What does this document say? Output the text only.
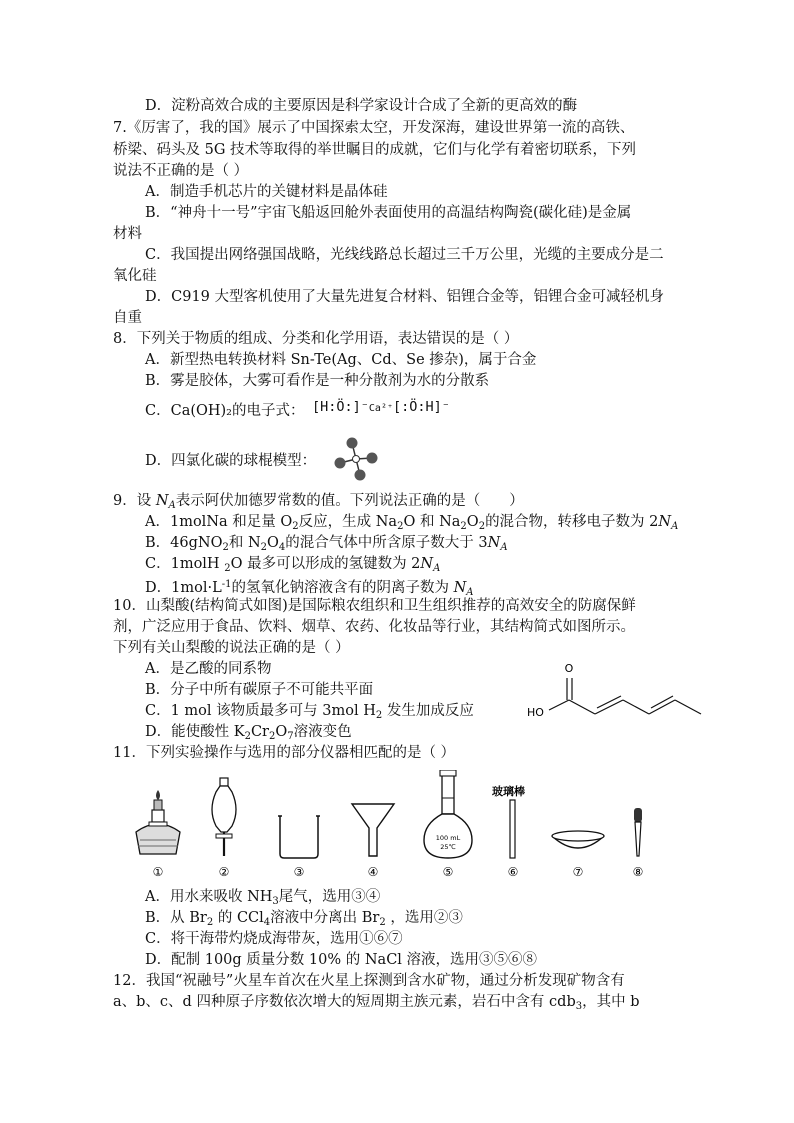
D．淀粉高效合成的主要原因是科学家设计合成了全新的更高效的酶
7.《厉害了，我的国》展示了中国探索太空，开发深海，建设世界第一流的高铁、
桥梁、码头及 5G 技术等取得的举世瞩目的成就，它们与化学有着密切联系，下列
说法不正确的是（ ）
A．制造手机芯片的关键材料是晶体硅
B．“神舟十一号”宇宙飞船返回舱外表面使用的高温结构陶瓷(碳化硅)是金属
材料
C．我国提出网络强国战略，光线线路总长超过三千万公里，光缆的主要成分是二
氧化硅
D．C919 大型客机使用了大量先进复合材料、铝锂合金等，铝锂合金可减轻机身
自重
8．下列关于物质的组成、分类和化学用语，表达错误的是（ ）
A．新型热电转换材料 Sn-Te(Ag、Cd、Se 掺杂)，属于合金
B．雾是胶体，大雾可看作是一种分散剂为水的分散系
C．Ca(OH)₂的电子式： [H:Ö:]⁻Ca²⁺[:Ö:H]⁻
D．四氯化碳的球棍模型：
9．设 $N_A$表示阿伏加德罗常数的值。下列说法正确的是（　　）
A．1molNa 和足量 $O_2$反应，生成 $Na_2O$ 和 $Na_2O_2$的混合物，转移电子数为 $2N_A$
B．46gNO$_2$和 $N_2O_4$的混合气体中所含原子数大于 $3N_A$
C．1molH $_2$O 最多可以形成的氢键数为 $2N_A$
D．$1mol\cdot L^{-1}$的氢氧化钠溶液含有的阴离子数为 $N_A$
10．山梨酸(结构简式如图)是国际粮农组织和卫生组织推荐的高效安全的防腐保鲜
剂，广泛应用于食品、饮料、烟草、农药、化妆品等行业，其结构简式如图所示。
下列有关山梨酸的说法正确的是（ ）
A．是乙酸的同系物
B．分子中所有碳原子不可能共平面
C．1 mol 该物质最多可与 3mol $H_2$ 发生加成反应
D．能使酸性 $K_2Cr_2O_7$溶液变色
O
HO
11．下列实验操作与选用的部分仪器相匹配的是（ ）
100 mL
25℃
玻璃棒
①	②	③	④	⑤	⑥	⑦	⑧
A．用水来吸收 $NH_3$尾气，选用③④
B．从 $Br_2$ 的 CCl$_4$溶液中分离出 $Br_2$ ，选用②③
C．将干海带灼烧成海带灰，选用①⑥⑦
D．配制 100g 质量分数 10% 的 NaCl 溶液，选用③⑤⑥⑧
12．我国“祝融号”火星车首次在火星上探测到含水矿物，通过分析发现矿物含有
a、b、c、d 四种原子序数依次增大的短周期主族元素，岩石中含有 cdb$_3$，其中 b
